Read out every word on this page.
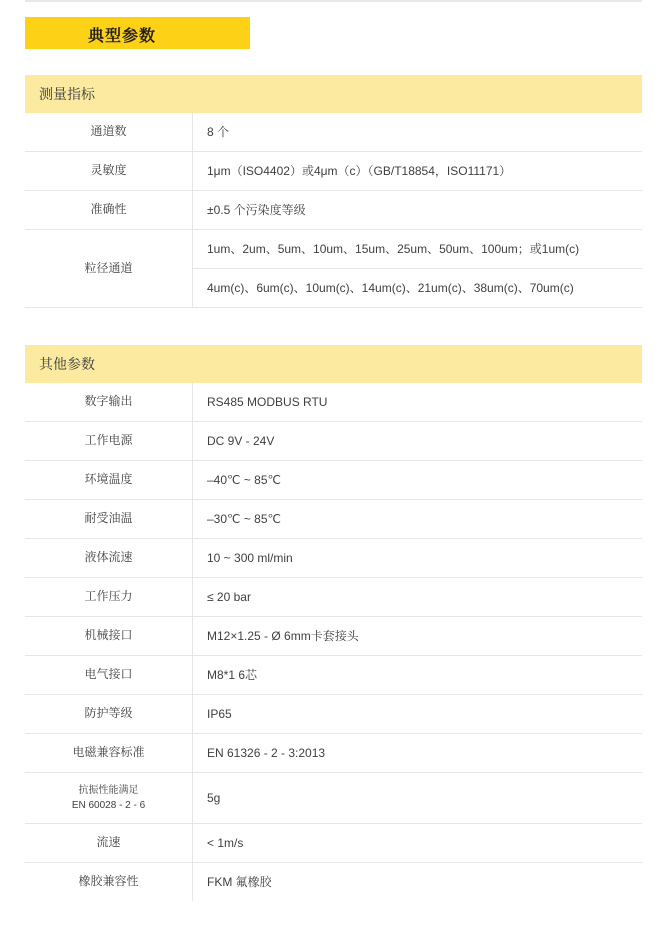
典型参数
测量指标
通道数	8 个
灵敏度	1μm（ISO4402）或4μm（c）（GB/T18854，ISO11171）
准确性	±0.5 个污染度等级
粒径通道	1um、2um、5um、10um、15um、25um、50um、100um；或1um(c)
	4um(c)、6um(c)、10um(c)、14um(c)、21um(c)、38um(c)、70um(c)
其他参数
数字输出	RS485 MODBUS RTU
工作电源	DC 9V - 24V
环境温度	–40℃ ~ 85℃
耐受油温	–30℃ ~ 85℃
液体流速	10 ~ 300 ml/min
工作压力	≤ 20 bar
机械接口	M12×1.25 - Ø 6mm卡套接头
电气接口	M8*1 6芯
防护等级	IP65
电磁兼容标准	EN 61326 - 2 - 3:2013

抗振性能满足
EN 60028 - 2 - 6	5g
流速	< 1m/s
橡胶兼容性	FKM 氟橡胶
